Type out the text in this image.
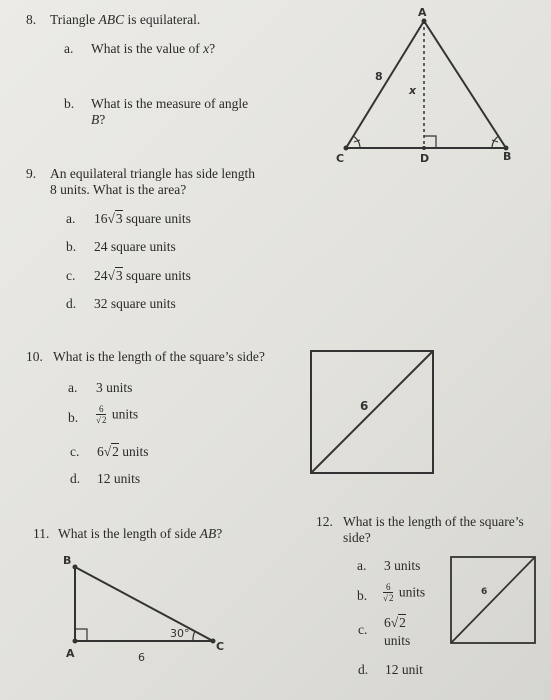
8. Triangle ABC is equilateral.
a. What is the value of x?
b. What is the measure of angle
B?
A
B
C	D
8
x
9. An equilateral triangle has side length
8 units. What is the area?
a. 16√3 square units
b. 24 square units
c. 24√3 square units
d. 32 square units
10. What is the length of the square’s side?
a. 3 units
b. $\frac{6}{√2}$ units
c. 6√2 units
d. 12 units
6
11. What is the length of side AB?
B
A
C
6
30°
12. What is the length of the square’s
side?
a. 3 units
b. $\frac{6}{√2}$ units
c. 6√2
units
d. 12 unit
6
